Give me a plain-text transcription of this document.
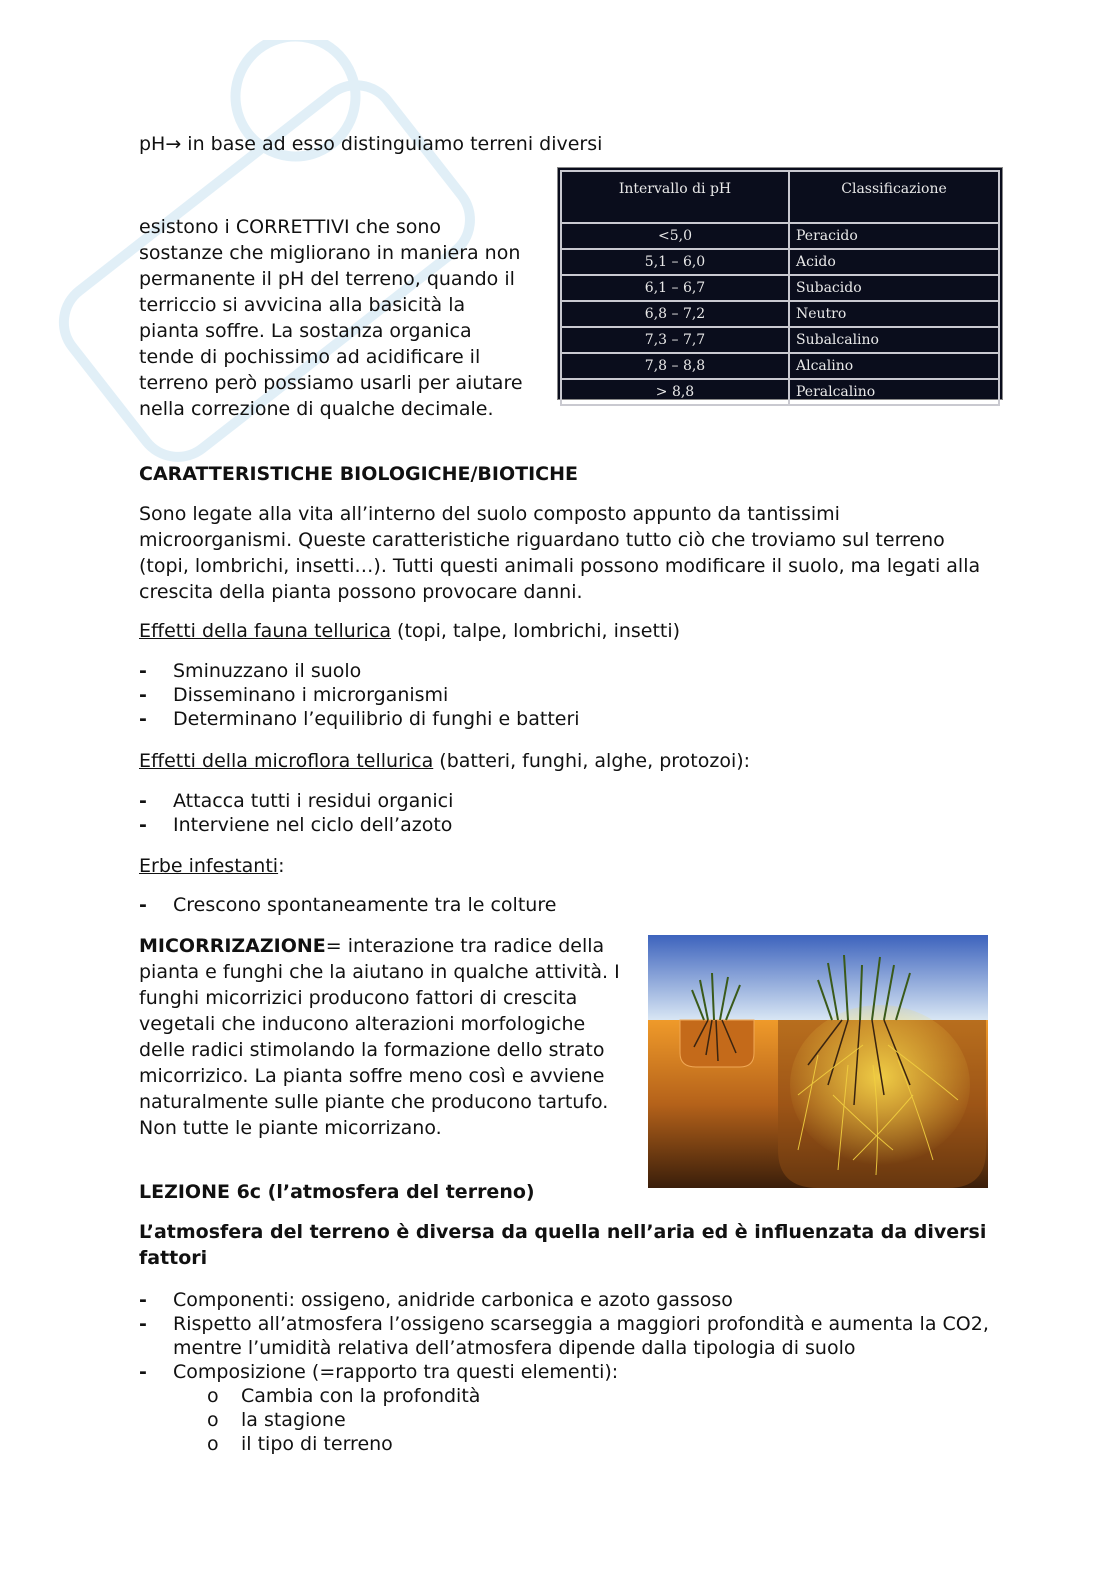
pH→ in base ad esso distinguiamo terreni diversi

esistono i CORRETTIVI che sono sostanze che migliorano in maniera non permanente il pH del terreno, quando il terriccio si avvicina alla basicità la pianta soffre. La sostanza organica tende di pochissimo ad acidificare il terreno però possiamo usarli per aiutare nella correzione di qualche decimale.

Intervallo di pH	Classificazione
<5,0	Peracido
5,1 – 6,0	Acido
6,1 – 6,7	Subacido
6,8 – 7,2	Neutro
7,3 – 7,7	Subalcalino
7,8 – 8,8	Alcalino
> 8,8	Peralcalino

CARATTERISTICHE BIOLOGICHE/BIOTICHE

Sono legate alla vita all’interno del suolo composto appunto da tantissimi microorganismi. Queste caratteristiche riguardano tutto ciò che troviamo sul terreno (topi, lombrichi, insetti…). Tutti questi animali possono modificare il suolo, ma legati alla crescita della pianta possono provocare danni.

Effetti della fauna tellurica (topi, talpe, lombrichi, insetti)

- Sminuzzano il suolo
- Disseminano i microrganismi
- Determinano l’equilibrio di funghi e batteri

Effetti della microflora tellurica (batteri, funghi, alghe, protozoi):

- Attacca tutti i residui organici
- Interviene nel ciclo dell’azoto

Erbe infestanti:

- Crescono spontaneamente tra le colture

MICORRIZAZIONE= interazione tra radice della pianta e funghi che la aiutano in qualche attività. I funghi micorrizici producono fattori di crescita vegetali che inducono alterazioni morfologiche delle radici stimolando la formazione dello strato micorrizico. La pianta soffre meno così e avviene naturalmente sulle piante che producono tartufo. Non tutte le piante micorrizano.

LEZIONE 6c (l’atmosfera del terreno)

L’atmosfera del terreno è diversa da quella nell’aria ed è influenzata da diversi fattori

- Componenti: ossigeno, anidride carbonica e azoto gassoso
- Rispetto all’atmosfera l’ossigeno scarseggia a maggiori profondità e aumenta la CO2, mentre l’umidità relativa dell’atmosfera dipende dalla tipologia di suolo
- Composizione (=rapporto tra questi elementi):
o Cambia con la profondità
o la stagione
o il tipo di terreno
